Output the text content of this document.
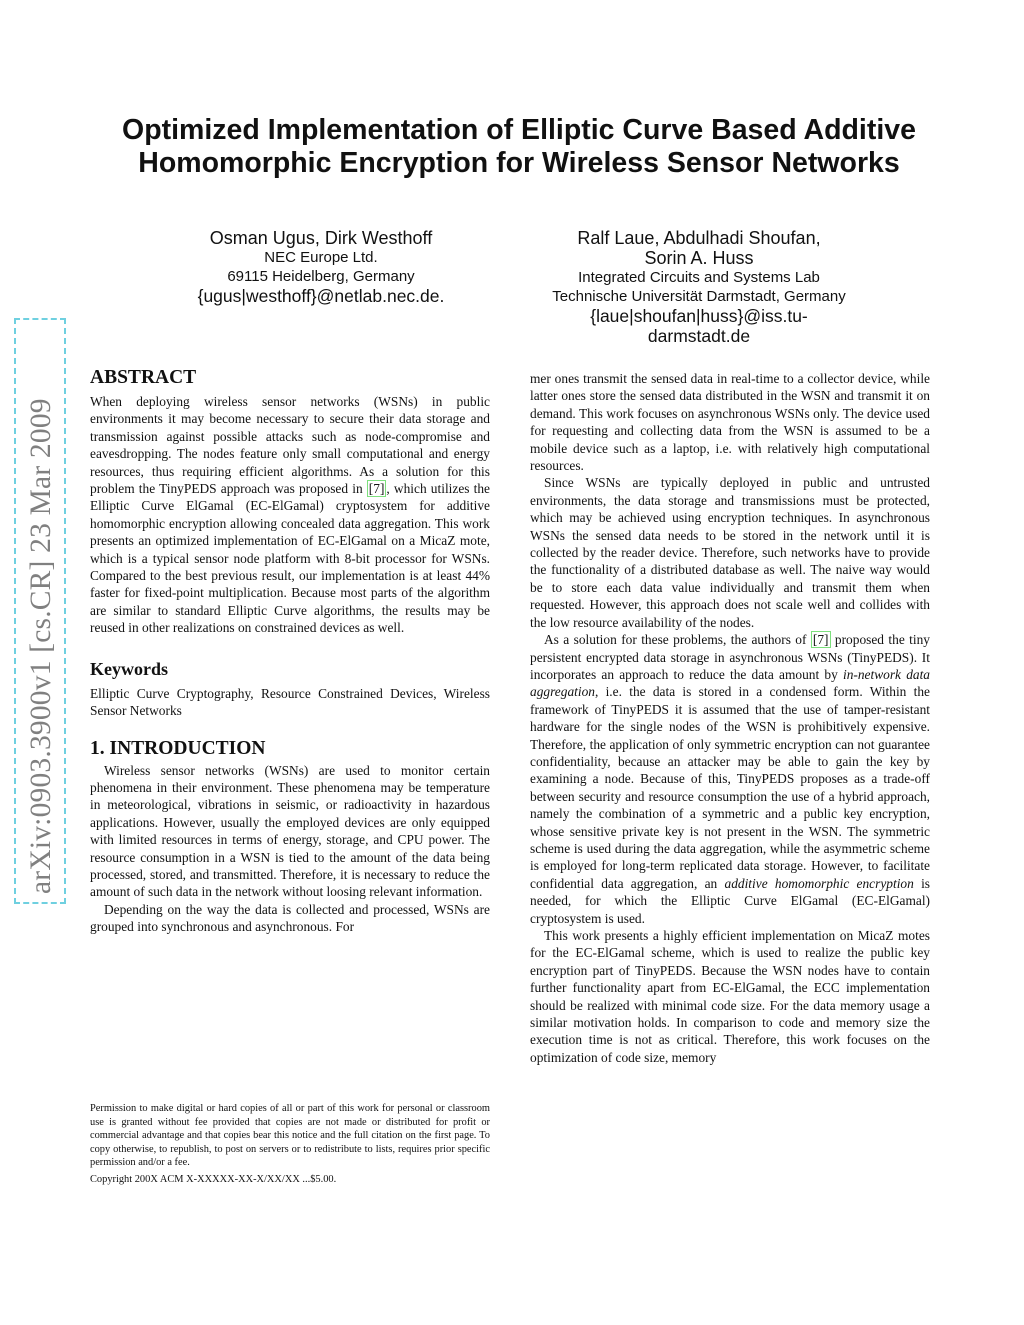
Optimized Implementation of Elliptic Curve Based Additive
Homomorphic Encryption for Wireless Sensor Networks
Osman Ugus, Dirk Westhoff
NEC Europe Ltd.
69115 Heidelberg, Germany
{ugus|westhoff}@netlab.nec.de.
Ralf Laue, Abdulhadi Shoufan,
Sorin A. Huss
Integrated Circuits and Systems Lab
Technische Universität Darmstadt, Germany
{laue|shoufan|huss}@iss.tu-
darmstadt.de
arXiv:0903.3900v1 [cs.CR] 23 Mar 2009
ABSTRACT

When deploying wireless sensor networks (WSNs) in public environments it may become necessary to secure their data storage and transmission against possible attacks such as node-compromise and eavesdropping. The nodes feature only small computational and energy resources, thus requiring efficient algorithms. As a solution for this problem the TinyPEDS approach was proposed in [7] , which utilizes the Elliptic Curve ElGamal (EC-ElGamal) cryptosystem for additive homomorphic encryption allowing concealed data aggregation. This work presents an optimized implementation of EC-ElGamal on a MicaZ mote, which is a typical sensor node platform with 8-bit processor for WSNs. Compared to the best previous result, our implementation is at least 44% faster for fixed-point multiplication. Because most parts of the algorithm are similar to standard Elliptic Curve algorithms, the results may be reused in other realizations on constrained devices as well.

Keywords

Elliptic Curve Cryptography, Resource Constrained Devices, Wireless Sensor Networks

1. INTRODUCTION

Wireless sensor networks (WSNs) are used to monitor certain phenomena in their environment. These phenomena may be temperature in meteorological, vibrations in seismic, or radioactivity in hazardous applications. However, usually the employed devices are only equipped with limited resources in terms of energy, storage, and CPU power. The resource consumption in a WSN is tied to the amount of the data being processed, stored, and transmitted. Therefore, it is necessary to reduce the amount of such data in the network without loosing relevant information.

Depending on the way the data is collected and processed, WSNs are grouped into synchronous and asynchronous. For

mer ones transmit the sensed data in real-time to a collector device, while latter ones store the sensed data distributed in the WSN and transmit it on demand. This work focuses on asynchronous WSNs only. The device used for requesting and collecting data from the WSN is assumed to be a mobile device such as a laptop, i.e. with relatively high computational resources.

Since WSNs are typically deployed in public and untrusted environments, the data storage and transmissions must be protected, which may be achieved using encryption techniques. In asynchronous WSNs the sensed data needs to be stored in the network until it is collected by the reader device. Therefore, such networks have to provide the functionality of a distributed database as well. The naive way would be to store each data value individually and transmit them when requested. However, this approach does not scale well and collides with the low resource availability of the nodes.

As a solution for these problems, the authors of [7] proposed the tiny persistent encrypted data storage in asynchronous WSNs (TinyPEDS). It incorporates an approach to reduce the data amount by in-network data aggregation, i.e. the data is stored in a condensed form. Within the framework of TinyPEDS it is assumed that the use of tamper-resistant hardware for the single nodes of the WSN is prohibitively expensive. Therefore, the application of only symmetric encryption can not guarantee confidentiality, because an attacker may be able to gain the key by examining a node. Because of this, TinyPEDS proposes as a trade-off between security and resource consumption the use of a hybrid approach, namely the combination of a symmetric and a public key encryption, whose sensitive private key is not present in the WSN. The symmetric scheme is used during the data aggregation, while the asymmetric scheme is employed for long-term replicated data storage. However, to facilitate confidential data aggregation, an additive homomorphic encryption is needed, for which the Elliptic Curve ElGamal (EC-ElGamal) cryptosystem is used.

This work presents a highly efficient implementation on MicaZ motes for the EC-ElGamal scheme, which is used to realize the public key encryption part of TinyPEDS. Because the WSN nodes have to contain further functionality apart from EC-ElGamal, the ECC implementation should be realized with minimal code size. For the data memory usage a similar motivation holds. In comparison to code and memory size the execution time is not as critical. Therefore, this work focuses on the optimization of code size, memory

Permission to make digital or hard copies of all or part of this work for personal or classroom use is granted without fee provided that copies are not made or distributed for profit or commercial advantage and that copies bear this notice and the full citation on the first page. To copy otherwise, to republish, to post on servers or to redistribute to lists, requires prior specific permission and/or a fee.

Copyright 200X ACM X-XXXXX-XX-X/XX/XX ...$5.00.
